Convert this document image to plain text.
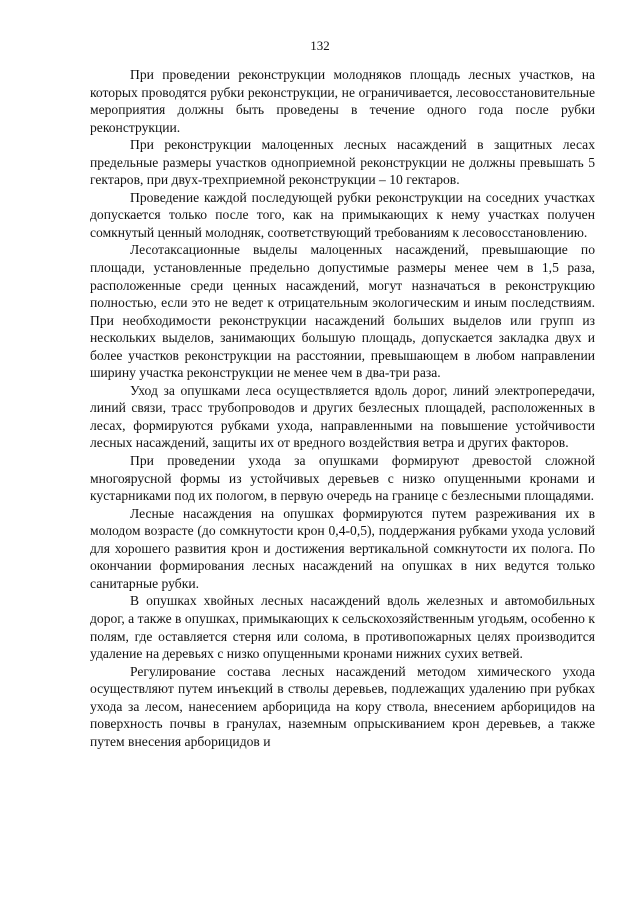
132

При проведении реконструкции молодняков площадь лесных участков, на которых проводятся рубки реконструкции, не ограничивается, лесовосстановительные мероприятия должны быть проведены в течение одного года после рубки реконструкции.

При реконструкции малоценных лесных насаждений в защитных лесах предельные размеры участков одноприемной реконструкции не должны превышать 5 гектаров, при двух-трехприемной реконструкции – 10 гектаров.

Проведение каждой последующей рубки реконструкции на соседних участках допускается только после того, как на примыкающих к нему участках получен сомкнутый ценный молодняк, соответствующий требованиям к лесовосстановлению.

Лесотаксационные выделы малоценных насаждений, превышающие по площади, установленные предельно допустимые размеры менее чем в 1,5 раза, расположенные среди ценных насаждений, могут назначаться в реконструкцию полностью, если это не ведет к отрицательным экологическим и иным последствиям. При необходимости реконструкции насаждений больших выделов или групп из нескольких выделов, занимающих большую площадь, допускается закладка двух и более участков реконструкции на расстоянии, превышающем в любом направлении ширину участка реконструкции не менее чем в два-три раза.

Уход за опушками леса осуществляется вдоль дорог, линий электропередачи, линий связи, трасс трубопроводов и других безлесных площадей, расположенных в лесах, формируются рубками ухода, направленными на повышение устойчивости лесных насаждений, защиты их от вредного воздействия ветра и других факторов.

При проведении ухода за опушками формируют древостой сложной многоярусной формы из устойчивых деревьев с низко опущенными кронами и кустарниками под их пологом, в первую очередь на границе с безлесными площадями.

Лесные насаждения на опушках формируются путем разреживания их в молодом возрасте (до сомкнутости крон 0,4-0,5), поддержания рубками ухода условий для хорошего развития крон и достижения вертикальной сомкнутости их полога. По окончании формирования лесных насаждений на опушках в них ведутся только санитарные рубки.

В опушках хвойных лесных насаждений вдоль железных и автомобильных дорог, а также в опушках, примыкающих к сельскохозяйственным угодьям, особенно к полям, где оставляется стерня или солома, в противопожарных целях производится удаление на деревьях с низко опущенными кронами нижних сухих ветвей.

Регулирование состава лесных насаждений методом химического ухода осуществляют путем инъекций в стволы деревьев, подлежащих удалению при рубках ухода за лесом, нанесением арборицида на кору ствола, внесением арборицидов на поверхность почвы в гранулах, наземным опрыскиванием крон деревьев, а также путем внесения арборицидов и
